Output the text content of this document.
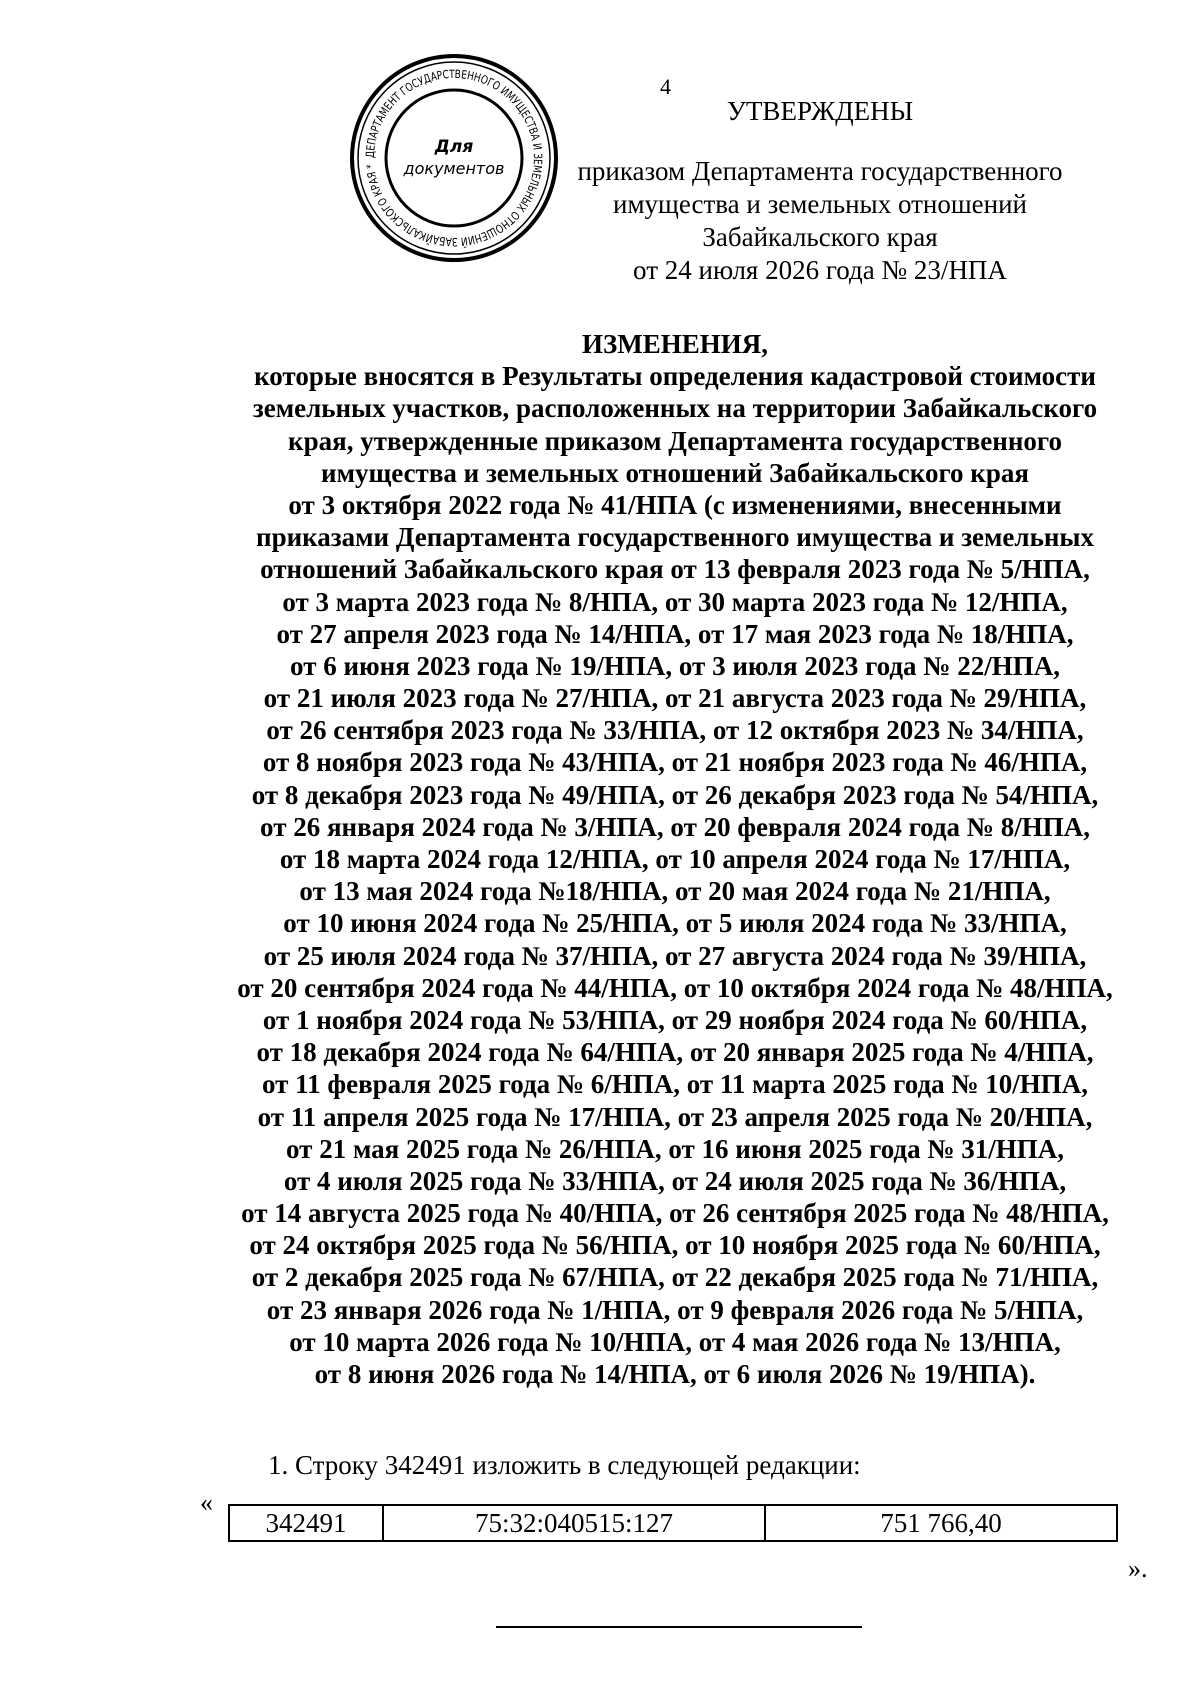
4
ДЕПАРТАМЕНТ ГОСУДАРСТВЕННОГО ИМУЩЕСТВА И ЗЕМЕЛЬНЫХ ОТНОШЕНИЙ ЗАБАЙКАЛЬСКОГО КРАЯ *
Для
документов
УТВЕРЖДЕНЫ
приказом Департамента государственного
имущества и земельных отношений
Забайкальского края
от 24 июля 2026 года № 23/НПА
ИЗМЕНЕНИЯ,
которые вносятся в Результаты определения кадастровой стоимости
земельных участков, расположенных на территории Забайкальского
края, утвержденные приказом Департамента государственного
имущества и земельных отношений Забайкальского края
от 3 октября 2022 года № 41/НПА (с изменениями, внесенными
приказами Департамента государственного имущества и земельных
отношений Забайкальского края от 13 февраля 2023 года № 5/НПА,
от 3 марта 2023 года № 8/НПА, от 30 марта 2023 года № 12/НПА,
от 27 апреля 2023 года № 14/НПА, от 17 мая 2023 года № 18/НПА,
от 6 июня 2023 года № 19/НПА, от 3 июля 2023 года № 22/НПА,
от 21 июля 2023 года № 27/НПА, от 21 августа 2023 года № 29/НПА,
от 26 сентября 2023 года № 33/НПА, от 12 октября 2023 № 34/НПА,
от 8 ноября 2023 года № 43/НПА, от 21 ноября 2023 года № 46/НПА,
от 8 декабря 2023 года № 49/НПА, от 26 декабря 2023 года № 54/НПА,
от 26 января 2024 года № 3/НПА, от 20 февраля 2024 года № 8/НПА,
от 18 марта 2024 года 12/НПА, от 10 апреля 2024 года № 17/НПА,
от 13 мая 2024 года №18/НПА, от 20 мая 2024 года № 21/НПА,
от 10 июня 2024 года № 25/НПА, от 5 июля 2024 года № 33/НПА,
от 25 июля 2024 года № 37/НПА, от 27 августа 2024 года № 39/НПА,
от 20 сентября 2024 года № 44/НПА, от 10 октября 2024 года № 48/НПА,
от 1 ноября 2024 года № 53/НПА, от 29 ноября 2024 года № 60/НПА,
от 18 декабря 2024 года № 64/НПА, от 20 января 2025 года № 4/НПА,
от 11 февраля 2025 года № 6/НПА, от 11 марта 2025 года № 10/НПА,
от 11 апреля 2025 года № 17/НПА, от 23 апреля 2025 года № 20/НПА,
от 21 мая 2025 года № 26/НПА, от 16 июня 2025 года № 31/НПА,
от 4 июля 2025 года № 33/НПА, от 24 июля 2025 года № 36/НПА,
от 14 августа 2025 года № 40/НПА, от 26 сентября 2025 года № 48/НПА,
от 24 октября 2025 года № 56/НПА, от 10 ноября 2025 года № 60/НПА,
от 2 декабря 2025 года № 67/НПА, от 22 декабря 2025 года № 71/НПА,
от 23 января 2026 года № 1/НПА, от 9 февраля 2026 года № 5/НПА,
от 10 марта 2026 года № 10/НПА, от 4 мая 2026 года № 13/НПА,
от 8 июня 2026 года № 14/НПА, от 6 июля 2026 № 19/НПА).
1. Строку 342491 изложить в следующей редакции:
«
342491	75:32:040515:127	751 766,40
».
